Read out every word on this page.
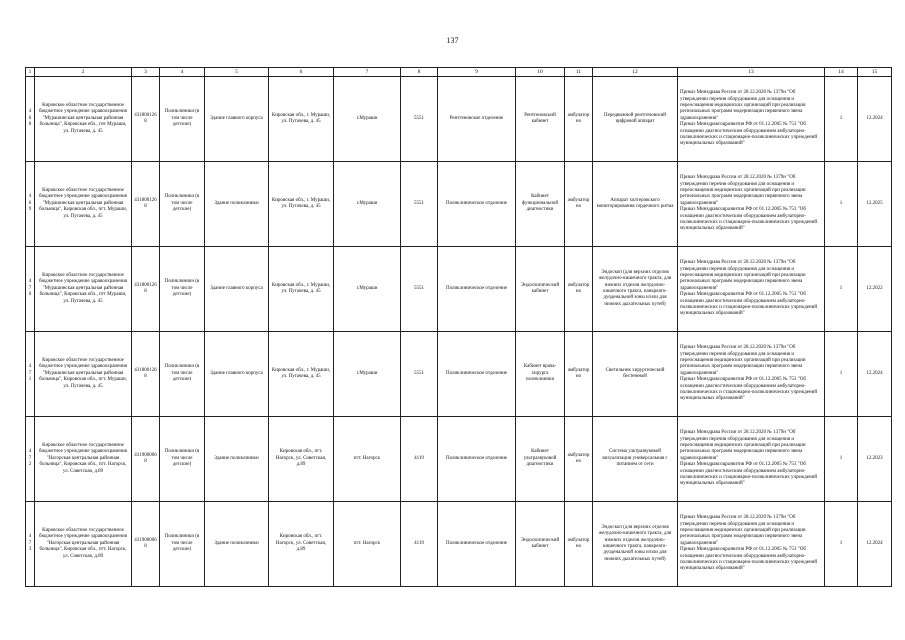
137
1	2	3	4	5	6	7	8	9	10	11	12	13	14	15
468	Кировское областное государственное бюджетное учреждение здравоохранения "Мурашинская центральная районная больница", Кировская обл., гнт Мураши, ул. Пугачева, д. 45	4318001268	Поликлиники (в том числе детские)	Здание главного корпуса	Кировская обл., г. Мураши, ул. Пугачева, д. 45	г.Мураши	5551	Рентгеновское отделение	Рентгеновский кабинет	амбулаторно	Передвижной рентгеновский цифровой аппарат	Приказ Минздрава России от 28.12.2020 № 1379н "Об утверждении перечня оборудования для оснащения и переоснащения медицинских организаций при реализации региональных программ модернизации первичного звена здравоохранения"
Приказ Минздравсоцразвития РФ от 01.12.2005 № 753 "Об оснащении диагностическим оборудованием амбулаторно-поликлинических и стационарно-поликлинических учреждений муниципальных образований"	1	12.2024
469	Кировское областное государственное бюджетное учреждение здравоохранения "Мурашинская центральная районная больница", Кировская обл., пгт. Мураши, ул. Пугачева, д. 45	4318001268	Поликлиники (в том числе детские)	Здание поликлиники	Кировская обл., г. Мураши, ул. Пугачева, д. 45	г.Мураши	5551	Поликлиническое отделение	Кабинет функциональной диагностики	амбулаторно	Аппарат холтеровского мониторирования сердечного ритма	Приказ Минздрава России от 28.12.2020 № 1379н "Об утверждении перечня оборудования для оснащения и переоснащения медицинских организаций при реализации региональных программ модернизации первичного звена здравоохранения"
Приказ Минздравсоцразвития РФ от 01.12.2005 № 753 "Об оснащении диагностическим оборудованием амбулаторно-поликлинических и стационарно-поликлинических учреждений муниципальных образований"	1	12.2025
470	Кировское областное государственное бюджетное учреждение здравоохранения "Мурашинская центральная районная больница", Кировская обл., пгт Мураши, ул. Пугачева, д. 45	4318001268	Поликлиники (в том числе детские)	Здание главного корпуса	Кировская обл., г. Мураши, ул. Пугачева, д. 45	г.Мураши	5551	Поликлиническое отделение	Эндоскопический кабинет	амбулаторно	Эндоскоп (для верхних отделов желудочно-кишечного тракта, для нижних отделов желудочно-кишечного тракта, панкреато-дуоденальной зоны и/или для нижних дыхательных путей)	Приказ Минздрава России от 28.12.2020 № 1379н "Об утверждении перечня оборудования для оснащения и переоснащения медицинских организаций при реализации региональных программ модернизации первичного звена здравоохранения"
Приказ Минздравсоцразвития РФ от 01.12.2005 № 753 "Об оснащении диагностическим оборудованием амбулаторно-поликлинических и стационарно-поликлинических учреждений муниципальных образований"	1	12.2022
471	Кировское областное государственное бюджетное учреждение здравоохранения "Мурашинская центральная районная больница", Кировская обл., пгт. Мураши, ул. Пугачева, д. 45	4318001268	Поликлиники (в том числе детские)	Здание главного корпуса	Кировская обл., г. Мураши, ул. Пугачева, д. 45	г.Мураши	5551	Поликлиническое отделение	Кабинет врача-хирурга поликлиники	амбулаторно	Светильник хирургический бестеневой	Приказ Минздрава России от 28.12.2020 № 1379н "Об утверждении перечня оборудования для оснащения и переоснащения медицинских организаций при реализации региональных программ модернизации первичного звена здравоохранения"
Приказ Минздравсоцразвития РФ от 01.12.2005 № 753 "Об оснащении диагностическим оборудованием амбулаторно-поликлинических и стационарно-поликлинических учреждений муниципальных образований"	1	12.2024
472	Кировское областное государственное бюджетное учреждение здравоохранения "Нагорская центральная районная больница", Кировская обл., пгт. Нагорск, ул. Советская, д.89	4319000068	Поликлиники (в том числе детские)	Здание поликлиники	Кировская обл., пгт. Нагорск, ул. Советская, д.89	пгт. Нагорск	4119	Поликлиническое отделение	Кабинет ультразвуковой диагностики	амбулаторно	Система ультразвуковой визуализации универсальная с питанием от сети	Приказ Минздрава России от 28.12.2020 № 1379н "Об утверждении перечня оборудования для оснащения и переоснащения медицинских организаций при реализации региональных программ модернизации первичного звена здравоохранения"
Приказ Минздравсоцразвития РФ от 01.12.2005 № 753 "Об оснащении диагностическим оборудованием амбулаторно-поликлинических и стационарно-поликлинических учреждений муниципальных образований"	1	12.2023
473	Кировское областное государственное бюджетное учреждение здравоохранения "Нагорская центральная районная больница", Кировская обл., пгт. Нагорск, ул. Советская, д.89	4319000068	Поликлиники (в том числе детские)	Здание поликлиники	Кировская обл., пгт. Нагорск, ул. Советская, д.89	пгт. Нагорск	4119	Поликлиническое отделение	Эндоскопический кабинет	амбулаторно	Эндоскоп (для верхних отделов желудочно-кишечного тракта, для нижних отделов желудочно-кишечного тракта, панкреато-дуоденальной зоны и/или для нижних дыхательных путей)	Приказ Минздрава России от 28.12.2020 № 1379н "Об утверждении перечня оборудования для оснащения и переоснащения медицинских организаций при реализации региональных программ модернизации первичного звена здравоохранения"
Приказ Минздравсоцразвития РФ от 01.12.2005 № 753 "Об оснащении диагностическим оборудованием амбулаторно-поликлинических и стационарно-поликлинических учреждений муниципальных образований"	1	12.2024
